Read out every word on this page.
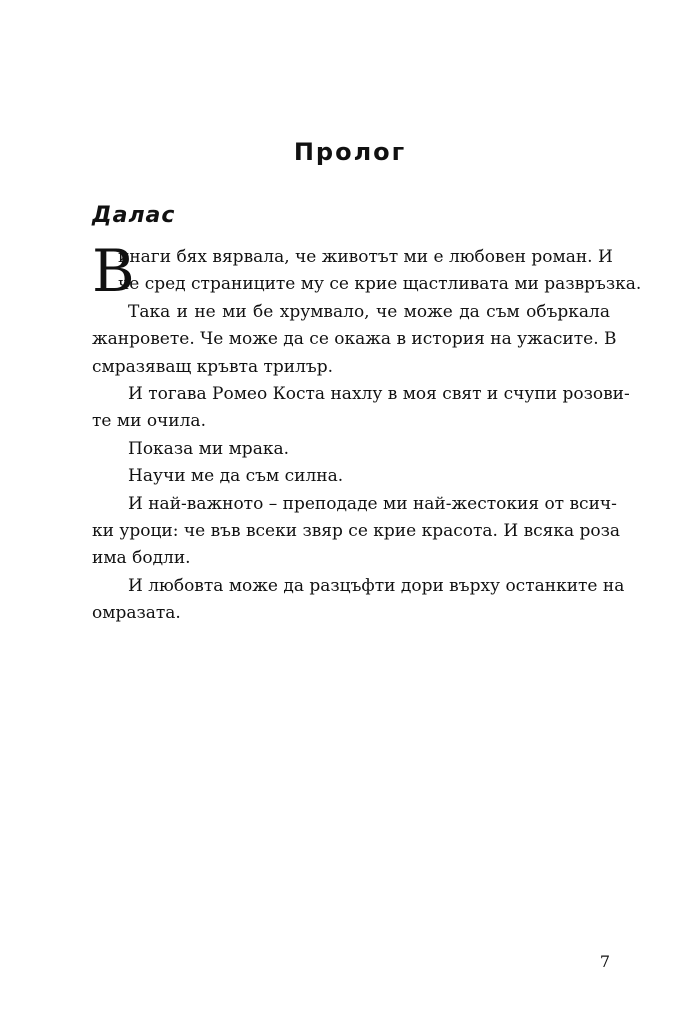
Пролог
Далас
В
инаги бях вярвала, че животът ми е любовен роман. И
че сред страниците му се крие щастливата ми развръзка.
Така и не ми бе хрумвало, че може да съм объркала
жанровете. Че може да се окажа в история на ужасите. В
смразяващ кръвта трилър.
И тогава Ромео Коста нахлу в моя свят и счупи розови-
те ми очила.
Показа ми мрака.
Научи ме да съм силна.
И най-важното – преподаде ми най-жестокия от всич-
ки уроци: че във всеки звяр се крие красота. И всяка роза
има бодли.
И любовта може да разцъфти дори върху останките на
омразата.

7
